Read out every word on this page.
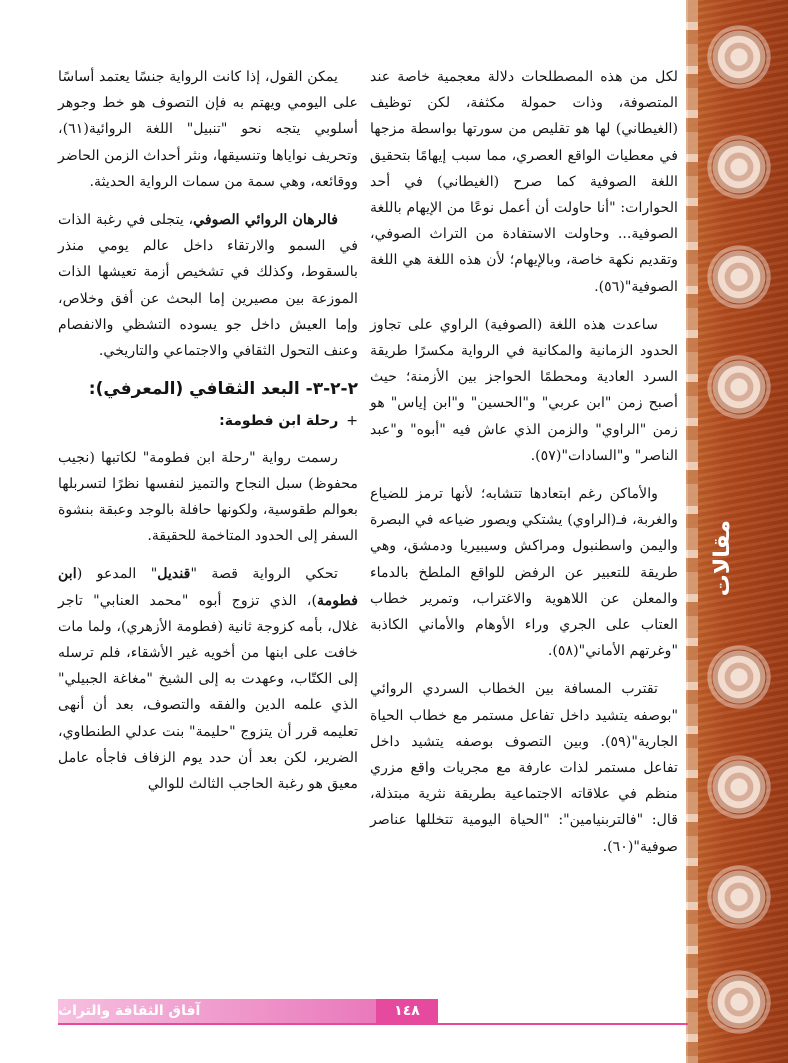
مقالات

لكل من هذه المصطلحات دلالة معجمية خاصة عند المتصوفة، وذات حمولة مكثفة، لكن توظيف (الغيطاني) لها هو تقليص من سورتها بواسطة مزجها في معطيات الواقع العصري، مما سبب إيهامًا بتحقيق اللغة الصوفية كما صرح (الغيطاني) في أحد الحوارات: "أنا حاولت أن أعمل نوعًا من الإيهام باللغة الصوفية... وحاولت الاستفادة من التراث الصوفي، وتقديم نكهة خاصة، وبالإيهام؛ لأن هذه اللغة هي اللغة الصوفية"(٥٦).

ساعدت هذه اللغة (الصوفية) الراوي على تجاوز الحدود الزمانية والمكانية في الرواية مكسرًا طريقة السرد العادية ومحطمًا الحواجز بين الأزمنة؛ حيث أصبح زمن "ابن عربي" و"الحسين" و"ابن إياس" هو زمن "الراوي" والزمن الذي عاش فيه "أبوه" و"عبد الناصر" و"السادات"(٥٧).

والأماكن رغم ابتعادها تتشابه؛ لأنها ترمز للضياع والغربة، فـ(الراوي) يشتكي ويصور ضياعه في البصرة واليمن واسطنبول ومراكش وسيبيريا ودمشق، وهي طريقة للتعبير عن الرفض للواقع الملطخ بالدماء والمعلن عن اللاهوية والاغتراب، وتمرير خطاب العتاب على الجري وراء الأوهام والأماني الكاذبة "وغرتهم الأماني"(٥٨).

تقترب المسافة بين الخطاب السردي الروائي "بوصفه يتشيد داخل تفاعل مستمر مع خطاب الحياة الجارية"(٥٩). وبين التصوف بوصفه يتشيد داخل تفاعل مستمر لذات عارفة مع مجريات واقع مزري منظم في علاقاته الاجتماعية بطريقة نثرية مبتذلة، قال: "فالتربنيامين": "الحياة اليومية تتخللها عناصر صوفية"(٦٠).

يمكن القول، إذا كانت الرواية جنسًا يعتمد أساسًا على اليومي ويهتم به فإن التصوف هو خط وجوهر أسلوبي يتجه نحو "تنبيل" اللغة الروائية(٦١)، وتحريف نواياها وتنسيقها، ونثر أحداث الزمن الحاضر ووقائعه، وهي سمة من سمات الرواية الحديثة.

فالرهان الروائي الصوفي، يتجلى في رغبة الذات في السمو والارتقاء داخل عالم يومي منذر بالسقوط، وكذلك في تشخيص أزمة تعيشها الذات الموزعة بين مصيرين إما البحث عن أفق وخلاص، وإما العيش داخل جو يسوده التشظي والانفصام وعنف التحول الثقافي والاجتماعي والتاريخي.

٢-٢-٣- البعد الثقافي (المعرفي):
+رحلة ابن فطومة:

رسمت رواية "رحلة ابن فطومة" لكاتبها (نجيب محفوظ) سبل النجاح والتميز لنفسها نظرًا لتسربلها بعوالم طقوسية، ولكونها حافلة بالوجد وعبقة بنشوة السفر إلى الحدود المتاخمة للحقيقة.

تحكي الرواية قصة "قنديل" المدعو (ابن فطومة)، الذي تزوج أبوه "محمد العنابي" تاجر غلال، بأمه كزوجة ثانية (فطومة الأزهري)، ولما مات خافت على ابنها من أخويه غير الأشقاء، فلم ترسله إلى الكتّاب، وعهدت به إلى الشيخ "مغاغة الجبيلي" الذي علمه الدين والفقه والتصوف، بعد أن أنهى تعليمه قرر أن يتزوج "حليمة" بنت عدلي الطنطاوي، الضرير، لكن بعد أن حدد يوم الزفاف فاجأه عامل معيق هو رغبة الحاجب الثالث للوالي

آفاق الثقافة والتراث	١٤٨
